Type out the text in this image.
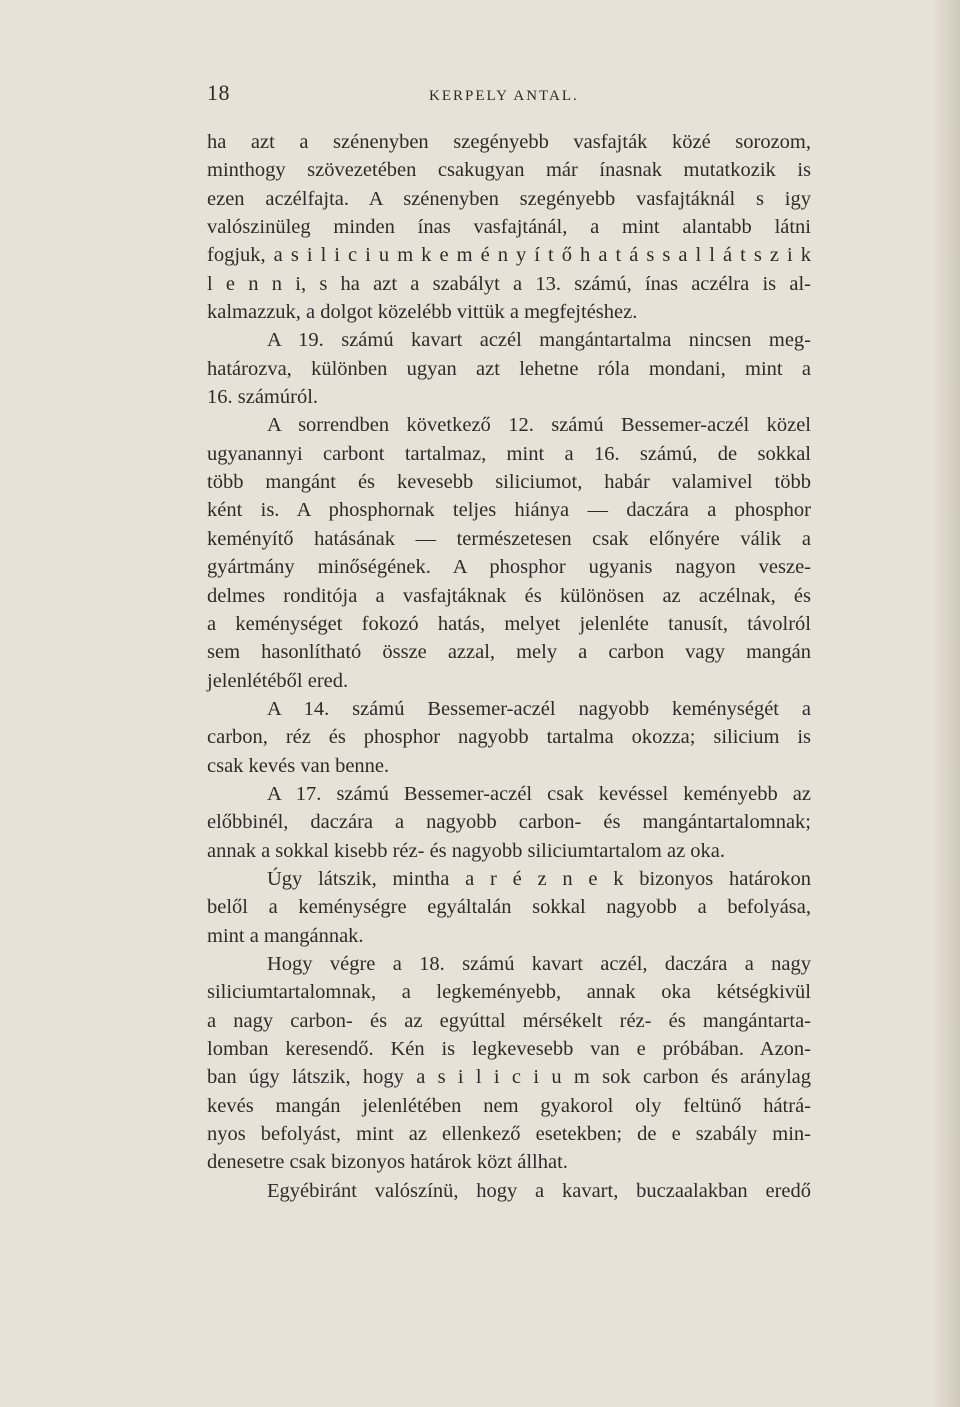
18	KERPELY ANTAL.
ha azt a szénenyben szegényebb vasfajták közé sorozom,
minthogy szövezetében csakugyan már ínasnak mutatkozik is
ezen aczélfajta. A szénenyben szegényebb vasfajtáknál s igy
valószinüleg minden ínas vasfajtánál, a mint alantabb látni
fogjuk, a s i l i c i u m k e m é n y í t ő h a t á s s a l l á t s z i k
l e n n i, s ha azt a szabályt a 13. számú, ínas aczélra is al-
kalmazzuk, a dolgot közelébb vittük a megfejtéshez.
A 19. számú kavart aczél mangántartalma nincsen meg-
határozva, különben ugyan azt lehetne róla mondani, mint a
16. számúról.
A sorrendben következő 12. számú Bessemer-aczél közel
ugyanannyi carbont tartalmaz, mint a 16. számú, de sokkal
több mangánt és kevesebb siliciumot, habár valamivel több
ként is. A phosphornak teljes hiánya — daczára a phosphor
keményítő hatásának — természetesen csak előnyére válik a
gyártmány minőségének. A phosphor ugyanis nagyon veszе-
delmes ronditója a vasfajtáknak és különösen az aczélnak, és
a keménységet fokozó hatás, melyet jelenléte tanusít, távolról
sem hasonlítható össze azzal, mely a carbon vagy mangán
jelenlétéből ered.
A 14. számú Bessemer-aczél nagyobb keménységét a
carbon, réz és phosphor nagyobb tartalma okozza; silicium is
csak kevés van benne.
A 17. számú Bessemer-aczél csak kevéssel keményebb az
előbbinél, daczára a nagyobb carbon- és mangántartalomnak;
annak a sokkal kisebb réz- és nagyobb siliciumtartalom az oka.
Úgy látszik, mintha a r é z n e k bizonyos határokon
belől a keménységre egyáltalán sokkal nagyobb a befolyása,
mint a mangánnak.
Hogy végre a 18. számú kavart aczél, daczára a nagy
siliciumtartalomnak, a legkeményebb, annak oka kétségkivül
a nagy carbon- és az egyúttal mérsékelt réz- és mangántarta-
lomban keresendő. Kén is legkevesebb van e próbában. Azon-
ban úgy látszik, hogy a s i l i c i u m sok carbon és aránylag
kevés mangán jelenlétében nem gyakorol oly feltünő hátrá-
nyos befolyást, mint az ellenkező esetekben; de e szabály min-
denesetre csak bizonyos határok közt állhat.
Egyébiránt valószínü, hogy a kavart, buczaalakban eredő
